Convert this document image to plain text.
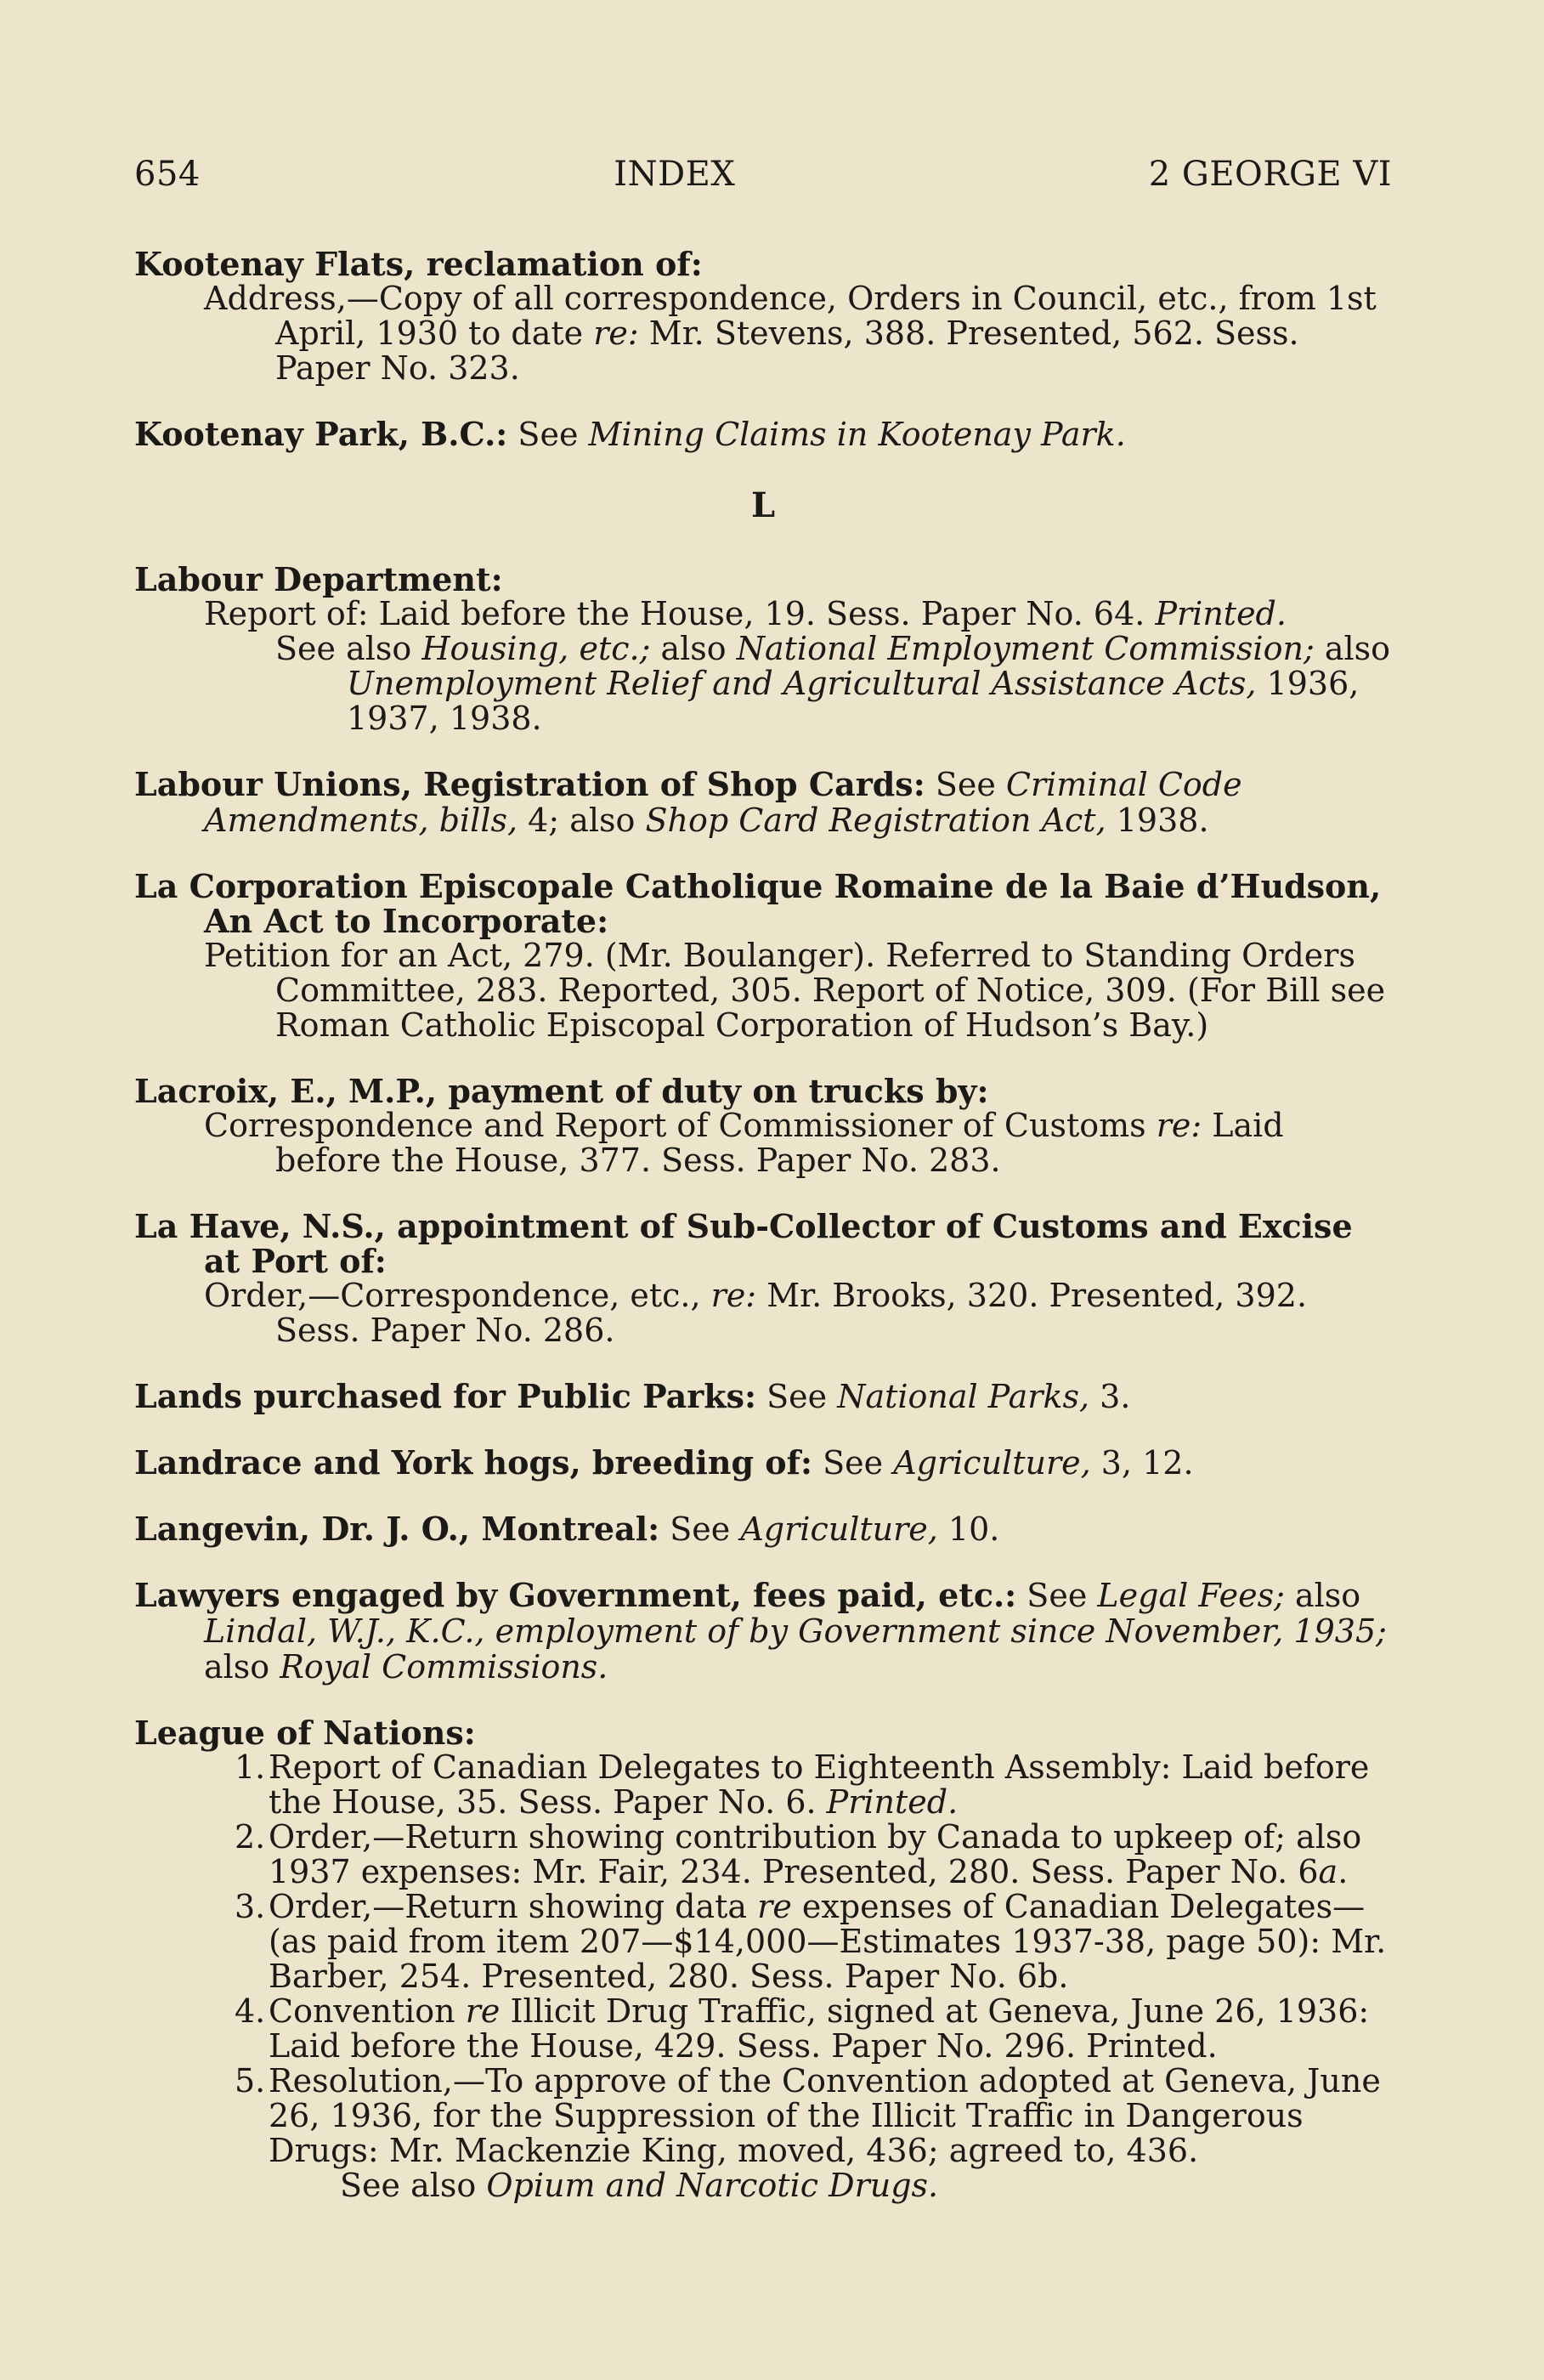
654	INDEX	2 GEORGE VI

Kootenay Flats, reclamation of:

Address,—Copy of all correspondence, Orders in Council, etc., from 1st April, 1930 to date re: Mr. Stevens, 388. Presented, 562. Sess. Paper No. 323.

Kootenay Park, B.C.: See Mining Claims in Kootenay Park.

L

Labour Department:

Report of: Laid before the House, 19. Sess. Paper No. 64. Printed.

See also Housing, etc.; also National Employment Commission; also Unemployment Relief and Agricultural Assistance Acts, 1936, 1937, 1938.

Labour Unions, Registration of Shop Cards: See Criminal Code Amendments, bills, 4; also Shop Card Registration Act, 1938.

La Corporation Episcopale Catholique Romaine de la Baie d’Hudson, An Act to Incorporate:

Petition for an Act, 279. (Mr. Boulanger). Referred to Standing Orders Committee, 283. Reported, 305. Report of Notice, 309. (For Bill see Roman Catholic Episcopal Corporation of Hudson’s Bay.)

Lacroix, E., M.P., payment of duty on trucks by:

Correspondence and Report of Commissioner of Customs re: Laid before the House, 377. Sess. Paper No. 283.

La Have, N.S., appointment of Sub-Collector of Customs and Excise at Port of:

Order,—Correspondence, etc., re: Mr. Brooks, 320. Presented, 392. Sess. Paper No. 286.

Lands purchased for Public Parks: See National Parks, 3.

Landrace and York hogs, breeding of: See Agriculture, 3, 12.

Langevin, Dr. J. O., Montreal: See Agriculture, 10.

Lawyers engaged by Government, fees paid, etc.: See Legal Fees; also Lindal, W.J., K.C., employment of by Government since November, 1935; also Royal Commissions.

League of Nations:

1.Report of Canadian Delegates to Eighteenth Assembly: Laid before the House, 35. Sess. Paper No. 6. Printed.

2.Order,—Return showing contribution by Canada to upkeep of; also 1937 expenses: Mr. Fair, 234. Presented, 280. Sess. Paper No. 6a.

3.Order,—Return showing data re expenses of Canadian Delegates—(as paid from item 207—$14,000—Estimates 1937-38, page 50): Mr. Barber, 254. Presented, 280. Sess. Paper No. 6b.

4.Convention re Illicit Drug Traffic, signed at Geneva, June 26, 1936: Laid before the House, 429. Sess. Paper No. 296. Printed.

5.Resolution,—To approve of the Convention adopted at Geneva, June 26, 1936, for the Suppression of the Illicit Traffic in Dangerous Drugs: Mr. Mackenzie King, moved, 436; agreed to, 436.

See also Opium and Narcotic Drugs.
